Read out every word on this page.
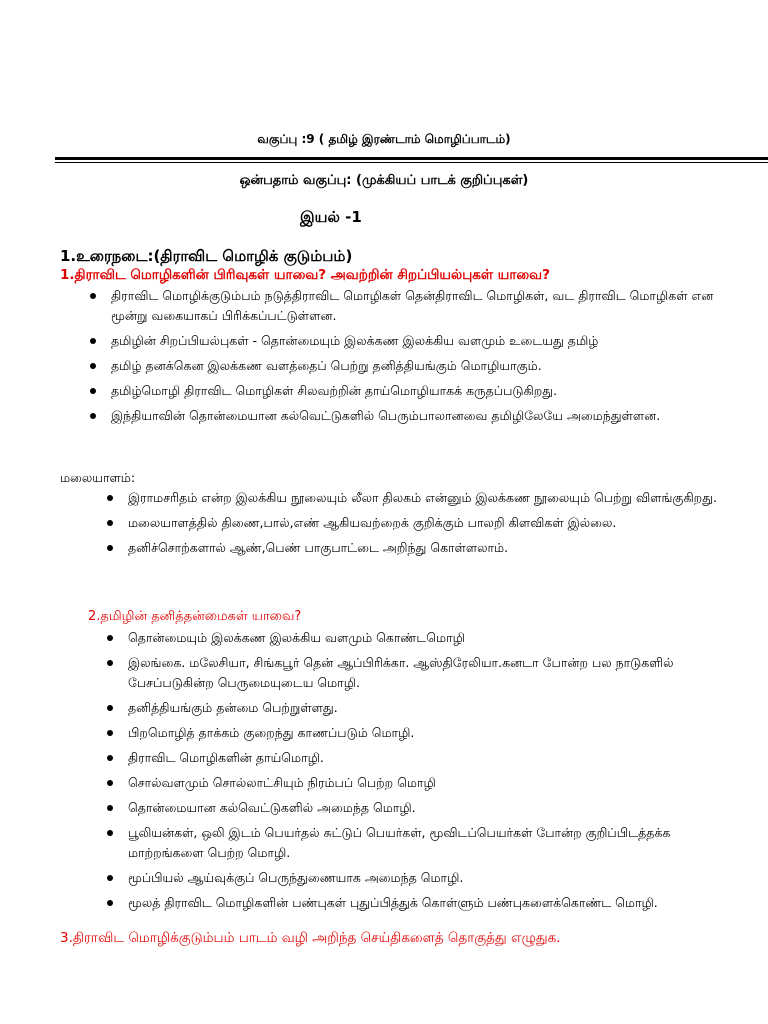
வகுப்பு :9 ( தமிழ் இரண்டாம் மொழிப்பாடம்)
ஒன்பதாம் வகுப்பு: (முக்கியப் பாடக் குறிப்புகள்)
இயல் -1
1.உரைநடை:(திராவிட மொழிக் குடும்பம்)
1.திராவிட மொழிகளின் பிரிவுகள் யாவை? அவற்றின் சிறப்பியல்புகள் யாவை?
திராவிட மொழிக்குடும்பம் நடுத்திராவிட மொழிகள் தென்திராவிட மொழிகள், வட திராவிட மொழிகள் என மூன்று வகையாகப் பிரிக்கப்பட்டுள்ளன.
தமிழின் சிறப்பியல்புகள் - தொன்மையும் இலக்கண இலக்கிய வளமும் உடையது தமிழ்
தமிழ் தனக்கென இலக்கண வளத்தைப் பெற்று தனித்தியங்கும் மொழியாகும்.
தமிழ்மொழி திராவிட மொழிகள் சிலவற்றின் தாய்மொழியாகக் கருதப்படுகிறது.
இந்தியாவின் தொன்மையான கல்வெட்டுகளில் பெரும்பாலானவை தமிழிலேயே அமைந்துள்ளன.
மலையாளம்:
இராமசரிதம் என்ற இலக்கிய நூலையும் லீலா திலகம் என்னும் இலக்கண நூலையும் பெற்று விளங்குகிறது.
மலையாளத்தில் திணை,பால்,எண் ஆகியவற்றைக் குறிக்கும் பாலறி கிளவிகள் இல்லை.
தனிச்சொற்களால் ஆண்,பெண் பாகுபாட்டை அறிந்து கொள்ளலாம்.
2.தமிழின் தனித்தன்மைகள் யாவை?
தொன்மையும் இலக்கண இலக்கிய வளமும் கொண்டமொழி
இலங்கை. மலேசியா, சிங்கபூர் தென் ஆப்பிரிக்கா. ஆஸ்திரேலியா.கனடா போன்ற பல நாடுகளில் பேசப்படுகின்ற பெருமையுடைய மொழி.
தனித்தியங்கும் தன்மை பெற்றுள்ளது.
பிறமொழித் தாக்கம் குறைந்து காணப்படும் மொழி.
திராவிட மொழிகளின் தாய்மொழி.
சொல்வளமும் சொல்லாட்சியும் நிரம்பப் பெற்ற மொழி
தொன்மையான கல்வெட்டுகளில் அமைந்த மொழி.
பூலியன்கள், ஒலி இடம் பெயர்தல் சுட்டுப் பெயர்கள், மூவிடப்பெயர்கள் போன்ற குறிப்பிடத்தக்க மாற்றங்களை பெற்ற மொழி.
மூப்பியல் ஆய்வுக்குப் பெருந்துணையாக அமைந்த மொழி.
மூலத் திராவிட மொழிகளின் பண்புகள் புதுப்பித்துக் கொள்ளும் பண்புகளைக்கொண்ட மொழி.
3.திராவிட மொழிக்குடும்பம் பாடம் வழி அறிந்த செய்திகளைத் தொகுத்து எழுதுக.
